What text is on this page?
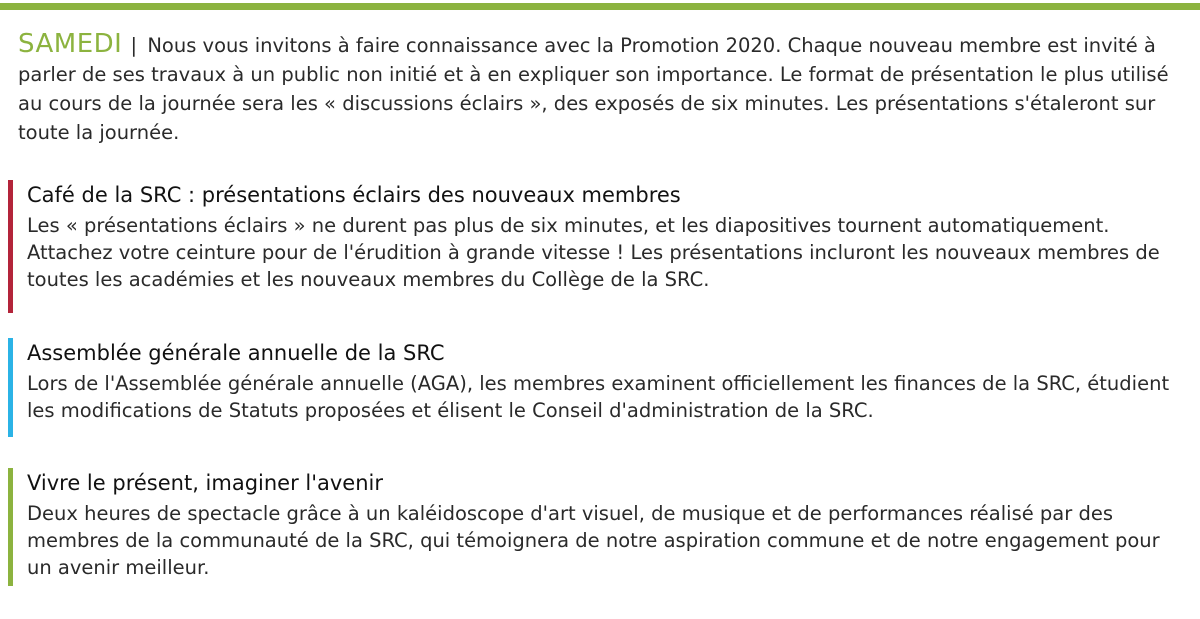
SAMEDI | Nous vous invitons à faire connaissance avec la Promotion 2020. Chaque nouveau membre est invité à parler de ses travaux à un public non initié et à en expliquer son importance. Le format de présentation le plus utilisé au cours de la journée sera les « discussions éclairs », des exposés de six minutes. Les présentations s'étaleront sur toute la journée.

Café de la SRC : présentations éclairs des nouveaux membres

Les « présentations éclairs » ne durent pas plus de six minutes, et les diapositives tournent automatiquement. Attachez votre ceinture pour de l'érudition à grande vitesse ! Les présentations incluront les nouveaux membres de toutes les académies et les nouveaux membres du Collège de la SRC.

Assemblée générale annuelle de la SRC

Lors de l'Assemblée générale annuelle (AGA), les membres examinent officiellement les finances de la SRC, étudient les modifications de Statuts proposées et élisent le Conseil d'administration de la SRC.

Vivre le présent, imaginer l'avenir

Deux heures de spectacle grâce à un kaléidoscope d'art visuel, de musique et de performances réalisé par des membres de la communauté de la SRC, qui témoignera de notre aspiration commune et de notre engagement pour un avenir meilleur.
